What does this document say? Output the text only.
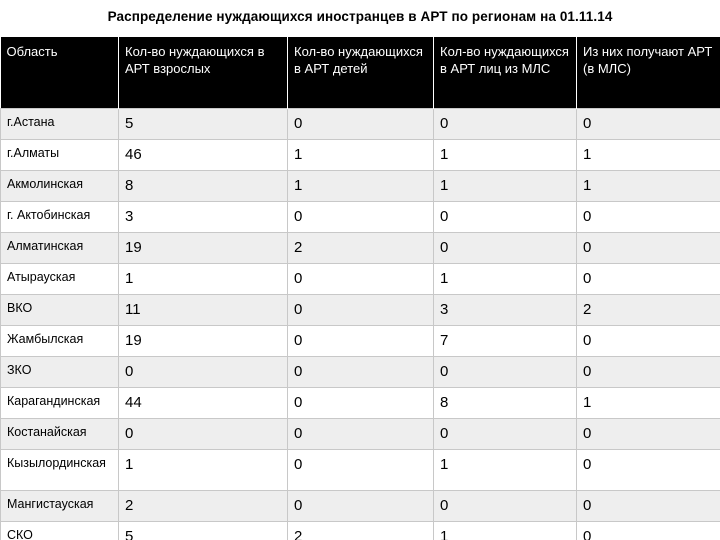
Распределение нуждающихся иностранцев в АРТ по регионам на 01.11.14
Область	Кол-во нуждающихся в АРТ взрослых	Кол-во нуждающихся в АРТ детей	Кол-во нуждающихся в АРТ лиц из МЛС	Из них получают АРТ (в МЛС)
г.Астана	5	0	0	0
г.Алматы	46	1	1	1
Акмолинская	8	1	1	1
г. Актобинская	3	0	0	0
Алматинская	19	2	0	0
Атырауская	1	0	1	0
ВКО	11	0	3	2
Жамбылская	19	0	7	0
ЗКО	0	0	0	0
Карагандинская	44	0	8	1
Костанайская	0	0	0	0
Кызылординская	1	0	1	0
Мангистауская	2	0	0	0
СКО	5	2	1	0
